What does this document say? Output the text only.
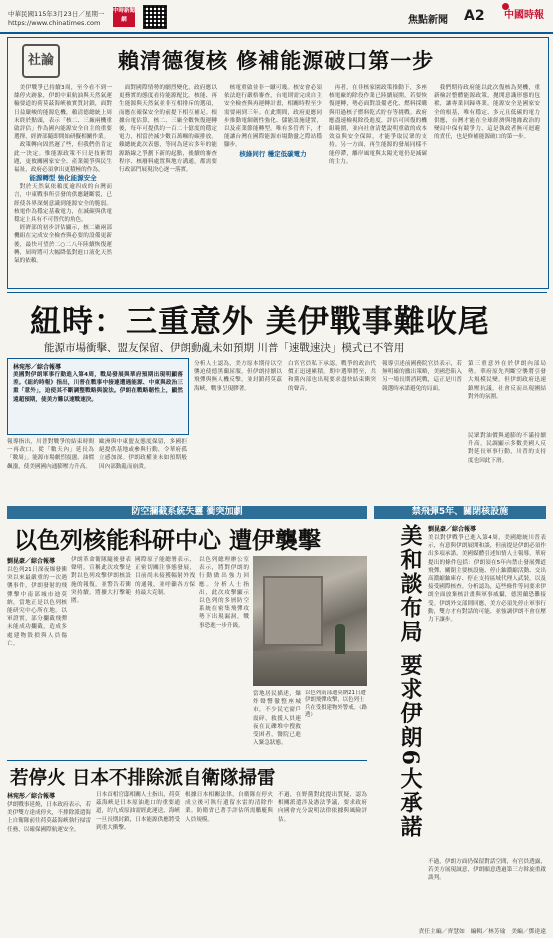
中華民國115年3月23日／星期一
https://www.chinatimes.com
中時新聞網	焦點新聞 A2 中國時報
社論	賴清德復核 修補能源破口第一步

美伊戰爭已持續3周，至今看不到一絲停火跡象，伊朗中東航油與天然氣運輸要道的荷莫茲海峽被實質封鎖，面對日益嚴峻的能源危機，賴清德總統上周末終於點頭，表示「核二、三廠兩機重啟評估」作為國內能源安全自主的重要選擇，經濟部隨即開始研擬相關作業。

政策轉向固然遲了些，但我們仍肯定此一決定。惟能源政策不只是技術問題，更攸關國家安全、產業競爭與民生福祉，政府必須拿出更積極的作為。

能源轉型 強化能源安全

對於天然氣依賴度逾四成的台灣而言，中東戰事所引發的供應鏈斷裂，已經使各界深刻意識到能源安全的脆弱。核電作為穩定基載電力，在減碳與供電穩定上具有不可替代的角色。

經濟部的初步評估顯示，核二廠兩部機組在完成安全檢查與必要的設備更新後，最快可望於二○二八年陸續恢復運轉，屆時將可大幅降低對進口液化天然氣的依賴。

面對國際情勢的劇烈變化，政府應以更務實的態度看待能源配比。核能、再生能源與天然氣並非互相排斥的選項，而應在確保安全的前提下相互補足。根據台電估算，核二、三廠全數恢復運轉後，每年可提供約一百二十億度的穩定電力，相當於減少數百萬噸的碳排放。賴總統此次表態，等同為延宕多年的能源路線之爭劃下新的起點，後續的審查程序、核廢料處置與地方溝通，都需要行政部門展現決心逐一落實。

核電重啟並非一蹴可幾。核安會必須依法進行嚴格審查，台電則需完成自主安全檢查與再運轉計畫，相關時程至少需要兩到三年。在此期間，政府更應同步推動電網韌性強化、儲能設施建置，以及產業節能轉型。唯有多管齊下，才能讓台灣在國際能源市場動盪之際站穩腳步。

核綠同行 穩定低碳電力

再者，在非核家園政策推動下，多座核電廠的除役作業已陸續展開，若要恢復運轉，勢必面對設備老化、燃料採購與用過核子燃料乾式貯存等挑戰。政府應盡速檢視除役進度，評估可回復的機組範圍，並向社會清楚說明重啟的成本效益與安全保障，才能爭取民眾的支持。另一方面，再生能源的發展同樣不能停滯，離岸風電與太陽光電仍是減碳的主力。

我們期待政府能以此次復核為契機，重新檢討整體能源政策，拋開意識形態的包袱，讓專業回歸專業。能源安全是國家安全的根基，唯有穩定、多元且低碳的電力供應，台灣才能在全球經濟與地緣政治的變局中保有競爭力，這是執政者無可迴避的責任，也是修補能源破口的第一步。

紐時：三重意外 美伊戰事難收尾
能源市場衝擊、盟友保留、伊朗動亂未如預期 川普「速戰速決」模式已不管用
林宛彤／綜合報導
美國對伊朗軍事行動進入第4周，戰局發展與華府預期出現明顯落差。《紐約時報》指出，川普在戰事中接連遭遇能源、中東與政治三重「意外」，迫使其不斷調整戰略與說法。伊朗在戰略韌性上，顯然遠超預期，使美方難以速戰速決。
報導指出，川普對戰爭的結束時間一再改口，從「數天內」延長為「數周」。能源市場劇烈震盪、油價飆漲，使美國國內通膨壓力升高。
歐洲與中東盟友態度保留，多國拒絕提供基地或參與行動，令華府孤立感加深。伊朗政權並未如預期般因內部動亂而崩潰。
分析人士認為，美方原本期待以空襲迫使德黑蘭屈服，但伊朗持續以飛彈與無人機反擊，並封鎖荷莫茲海峽，戰事呈現膠著。
白宮官員私下承認，戰爭的政治代價正迅速累積。期中選舉將至，共和黨內部也出現要求盡快結束衝突的聲音。
報導引述前國務院官員表示，若無明確的撤出策略，美國恐陷入另一場長期消耗戰，這正是川普競選時承諾避免的局面。
第三重意外在於伊朗內部局勢。華府原先判斷空襲將引發大規模民變，但伊朗政府迅速鎮壓抗議，社會反而出現團結對外的氛圍。
民眾對油價與通膨的不滿持續升高，民調顯示多數美國人反對延長軍事行動，川普的支持度也因此下滑。
防空攔截系統失靈 衝突加劇
以色列核能科研中心 遭伊襲擊
劉昆豪／綜合報導
以色列21日深夜爆發衝突以來最嚴重的一次遇襲事件，伊朗發射的飛彈擊中南部城市迪莫納，當地正是以色列核能研究中心所在地。以軍證實，部分攔截飛彈未能成功攔截，造成多處建物毀損與人員傷亡。
伊朗革命衛隊隨後發表聲明，宣稱此次攻擊是對以色列攻擊伊朗核設施的報復，並警告若衝突持續，將擴大打擊範圍。
國際原子能總署表示，正密切關注事態發展，目前尚未接獲輻射外洩的通報，並呼籲各方保持最大克制。
以色列總理辦公室表示，將對伊朗的行動做出強力回應。分析人士指出，此次攻擊顯示以色列的多層防空系統在密集飛彈攻勢下出現漏洞，戰事恐進一步升級。
以色列南部迪莫納21日遭伊朗飛彈攻擊，以色列士兵在受損建物外警戒。（路透）
當地居民描述，爆炸聲響徹整座城市，不少民宅窗戶震碎，救援人員連夜在瓦礫堆中搜救受困者，醫院已進入緊急狀態。
若停火 日本不排除派自衛隊掃雷
林宛彤／綜合報導
伊朗戰事延燒，日本政府表示，若美伊雙方達成停火，不排除派遣海上自衛隊前往荷莫茲海峽執行掃雷任務，以確保國際航運安全。
日本首相官邸相關人士指出，荷莫茲海峽是日本原油進口的重要通道，約九成原油需經此運送，海峽一旦長期封鎖，日本能源供應將受到重大衝擊。
根據日本相關法律，自衛隊在停火成立後可執行遺留水雷的清除作業。防衛省已著手評估所需艦艇與人員規模。
不過，在野黨對此提出質疑，認為相關派遣涉及憲法爭議，要求政府向國會充分說明法律依據與風險評估。
禁飛彈5年、關閉核設施
美和談布局 要求伊朗6大承諾 劉昆豪／綜合報導
美以對伊戰爭已進入第4周，美國總統川普表示，有意與伊朗展開和談，但前提是伊朗必須作出多項承諾。美國媒體引述知情人士報導，華府提出的條件包括：伊朗須在5年內禁止發展彈道飛彈、關閉主要核設施、停止鈾濃縮活動、交出高濃縮鈾庫存、停止支持區域代理人武裝，以及接受國際核查。分析認為，這些條件等同要求伊朗全面放棄核計畫與軍事威懾，德黑蘭恐難接受。伊朗外交部則回應，美方必須先停止軍事行動，雙方才有對話的可能，並強調伊朗不會在壓力下讓步。
不過，伊朗方面仍保留對話空間，有官員透露，若美方展現誠意，伊朗願意透過第三方斡旋重啟談判。
責任主編／齊慧如　編輯／林芳瑜　美編／鄧達遠
